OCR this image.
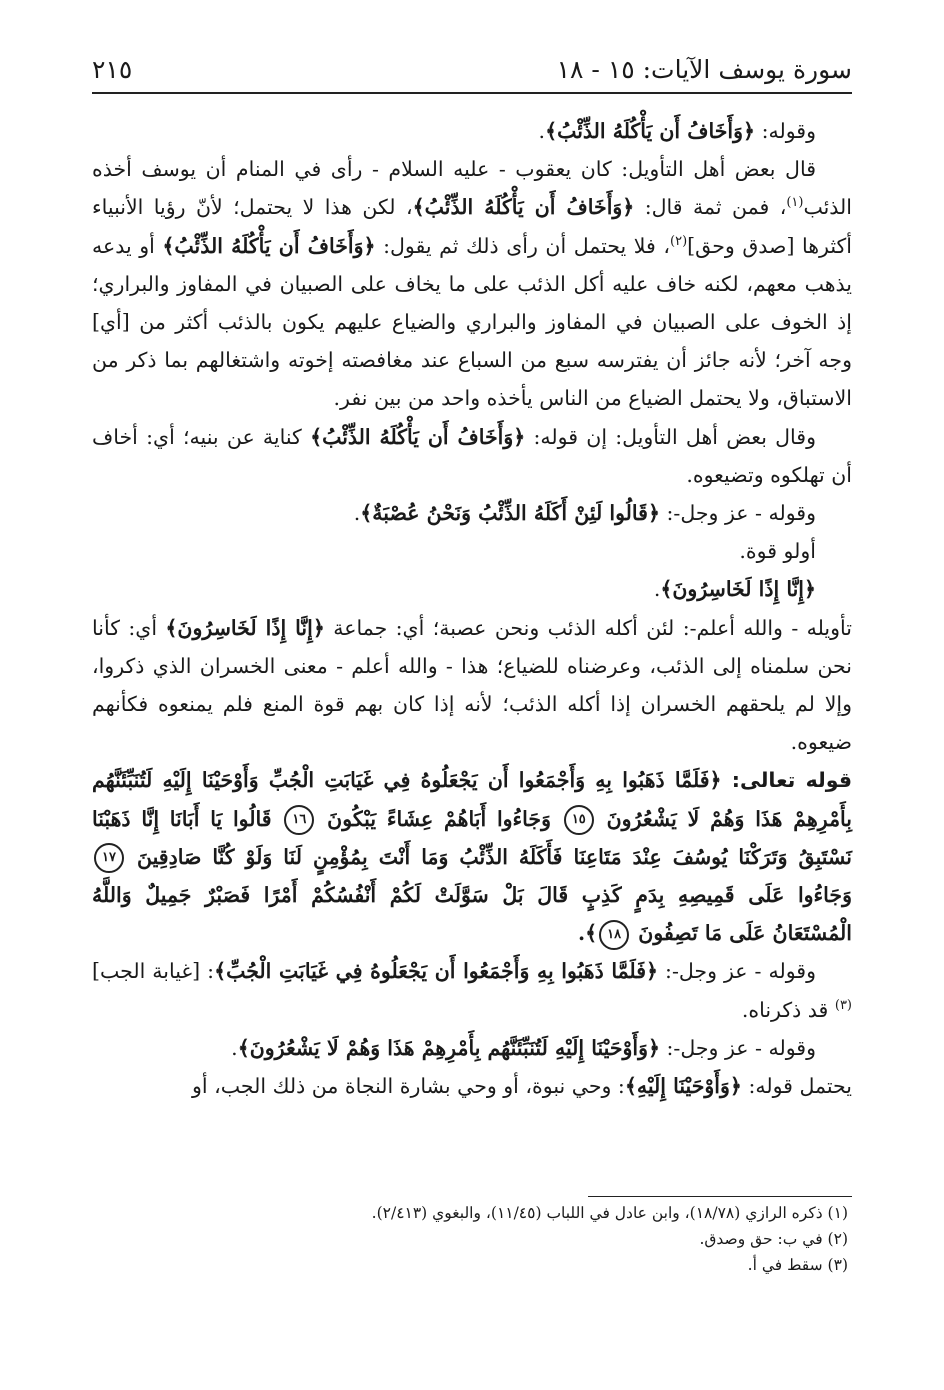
سورة يوسف الآيات: ١٥ - ١٨
٢١٥

وقوله: ﴿وَأَخَافُ أَن يَأْكُلَهُ الذِّئْبُ﴾.

قال بعض أهل التأويل: كان يعقوب - عليه السلام - رأى في المنام أن يوسف أخذه الذئب$^{(١)}$، فمن ثمة قال: ﴿وَأَخَافُ أَن يَأْكُلَهُ الذِّئْبُ﴾، لكن هذا لا يحتمل؛ لأنّ رؤيا الأنبياء أكثرها [صدق وحق]$^{(٢)}$، فلا يحتمل أن رأى ذلك ثم يقول: ﴿وَأَخَافُ أَن يَأْكُلَهُ الذِّئْبُ﴾ أو يدعه يذهب معهم، لكنه خاف عليه أكل الذئب على ما يخاف على الصبيان في المفاوز والبراري؛ إذ الخوف على الصبيان في المفاوز والبراري والضياع عليهم يكون بالذئب أكثر من [أي] وجه آخر؛ لأنه جائز أن يفترسه سبع من السباع عند مغافصته إخوته واشتغالهم بما ذكر من الاستباق، ولا يحتمل الضياع من الناس يأخذه واحد من بين نفر.

وقال بعض أهل التأويل: إن قوله: ﴿وَأَخَافُ أَن يَأْكُلَهُ الذِّئْبُ﴾ كناية عن بنيه؛ أي: أخاف أن تهلكوه وتضيعوه.

وقوله - عز وجل-: ﴿قَالُوا لَئِنْ أَكَلَهُ الذِّئْبُ وَنَحْنُ عُصْبَةٌ﴾.

أولو قوة.

﴿إِنَّا إِذًا لَخَاسِرُونَ﴾.

تأويله - والله أعلم-: لئن أكله الذئب ونحن عصبة؛ أي: جماعة ﴿إِنَّا إِذًا لَخَاسِرُونَ﴾ أي: كأنا نحن سلمناه إلى الذئب، وعرضناه للضياع؛ هذا - والله أعلم - معنى الخسران الذي ذكروا، وإلا لم يلحقهم الخسران إذا أكله الذئب؛ لأنه إذا كان بهم قوة المنع فلم يمنعوه فكأنهم ضيعوه.

قوله تعالى: ﴿فَلَمَّا ذَهَبُوا بِهِ وَأَجْمَعُوا أَن يَجْعَلُوهُ فِي غَيَابَتِ الْجُبِّ وَأَوْحَيْنَا إِلَيْهِ لَتُنَبِّئَنَّهُم بِأَمْرِهِمْ هَذَا وَهُمْ لَا يَشْعُرُونَ ١٥ وَجَاءُوا أَبَاهُمْ عِشَاءً يَبْكُونَ ١٦ قَالُوا يَا أَبَانَا إِنَّا ذَهَبْنَا نَسْتَبِقُ وَتَرَكْنَا يُوسُفَ عِنْدَ مَتَاعِنَا فَأَكَلَهُ الذِّئْبُ وَمَا أَنْتَ بِمُؤْمِنٍ لَنَا وَلَوْ كُنَّا صَادِقِينَ ١٧ وَجَاءُوا عَلَى قَمِيصِهِ بِدَمٍ كَذِبٍ قَالَ بَلْ سَوَّلَتْ لَكُمْ أَنْفُسُكُمْ أَمْرًا فَصَبْرٌ جَمِيلٌ وَاللَّهُ الْمُسْتَعَانُ عَلَى مَا تَصِفُونَ ١٨﴾.

وقوله - عز وجل-: ﴿فَلَمَّا ذَهَبُوا بِهِ وَأَجْمَعُوا أَن يَجْعَلُوهُ فِي غَيَابَتِ الْجُبِّ﴾: [غيابة الجب]$^{(٣)}$ قد ذكرناه.

وقوله - عز وجل-: ﴿وَأَوْحَيْنَا إِلَيْهِ لَتُنَبِّئَنَّهُم بِأَمْرِهِمْ هَذَا وَهُمْ لَا يَشْعُرُونَ﴾.

يحتمل قوله: ﴿وَأَوْحَيْنَا إِلَيْهِ﴾: وحي نبوة، أو وحي بشارة النجاة من ذلك الجب، أو

(١) ذكره الرازي (١٨/٧٨)، وابن عادل في اللباب (١١/٤٥)، والبغوي (٢/٤١٣).

(٢) في ب: حق وصدق.

(٣) سقط في أ.
